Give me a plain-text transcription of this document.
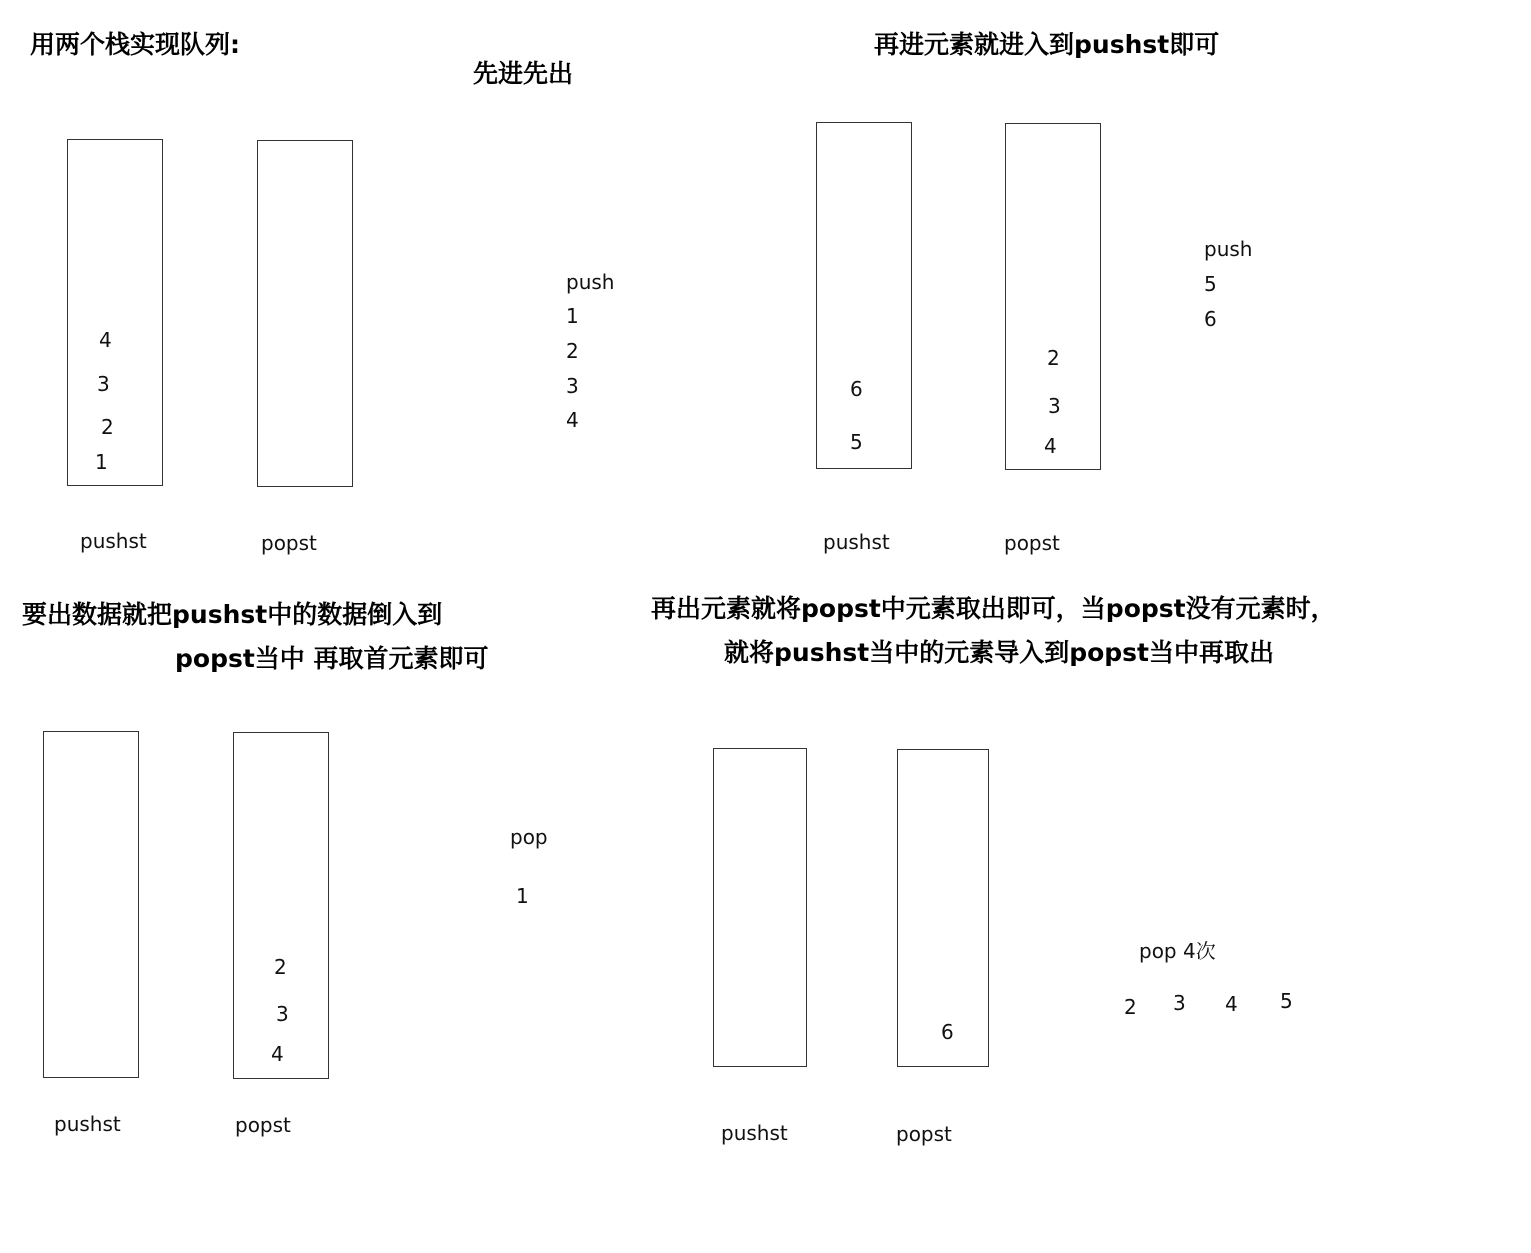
用两个栈实现队列:
先进先出
再进元素就进入到pushst即可
要出数据就把pushst中的数据倒入到
popst当中 再取首元素即可
再出元素就将popst中元素取出即可，当popst没有元素时，
就将pushst当中的元素导入到popst当中再取出
4
3
2
1
pushst	popst
push
1
2
3
4
6
5
pushst
2
3
4
popst
push
5
6
pushst
2
3
4
popst
pop
1
pushst
6
popst
pop 4次
2 3 4 5
